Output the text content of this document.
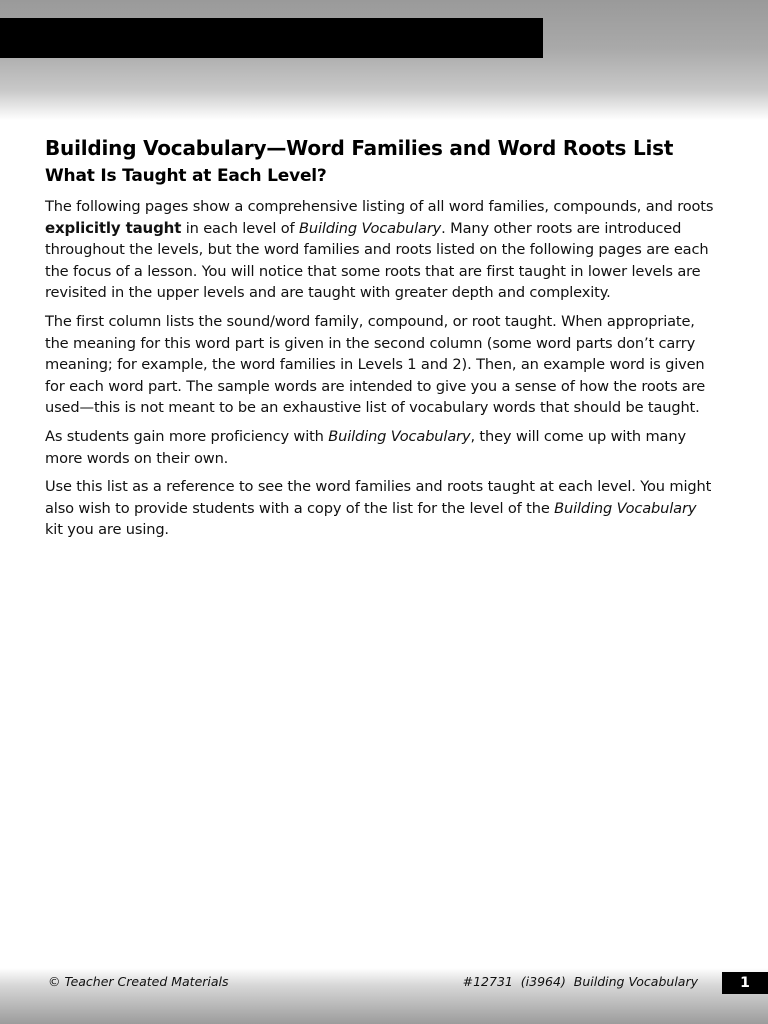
Building Vocabulary—Word Families and Word Roots List
What Is Taught at Each Level?

The following pages show a comprehensive listing of all word families, compounds, and roots explicitly taught in each level of Building Vocabulary. Many other roots are introduced throughout the levels, but the word families and roots listed on the following pages are each the focus of a lesson. You will notice that some roots that are first taught in lower levels are revisited in the upper levels and are taught with greater depth and complexity.

The first column lists the sound/word family, compound, or root taught. When appropriate, the meaning for this word part is given in the second column (some word parts don’t carry meaning; for example, the word families in Levels 1 and 2). Then, an example word is given for each word part. The sample words are intended to give you a sense of how the roots are used—this is not meant to be an exhaustive list of vocabulary words that should be taught.

As students gain more proficiency with Building Vocabulary, they will come up with many more words on their own.

Use this list as a reference to see the word families and roots taught at each level. You might also wish to provide students with a copy of the list for the level of the Building Vocabulary kit you are using.

© Teacher Created Materials	#12731  (i3964)  Building Vocabulary	1
